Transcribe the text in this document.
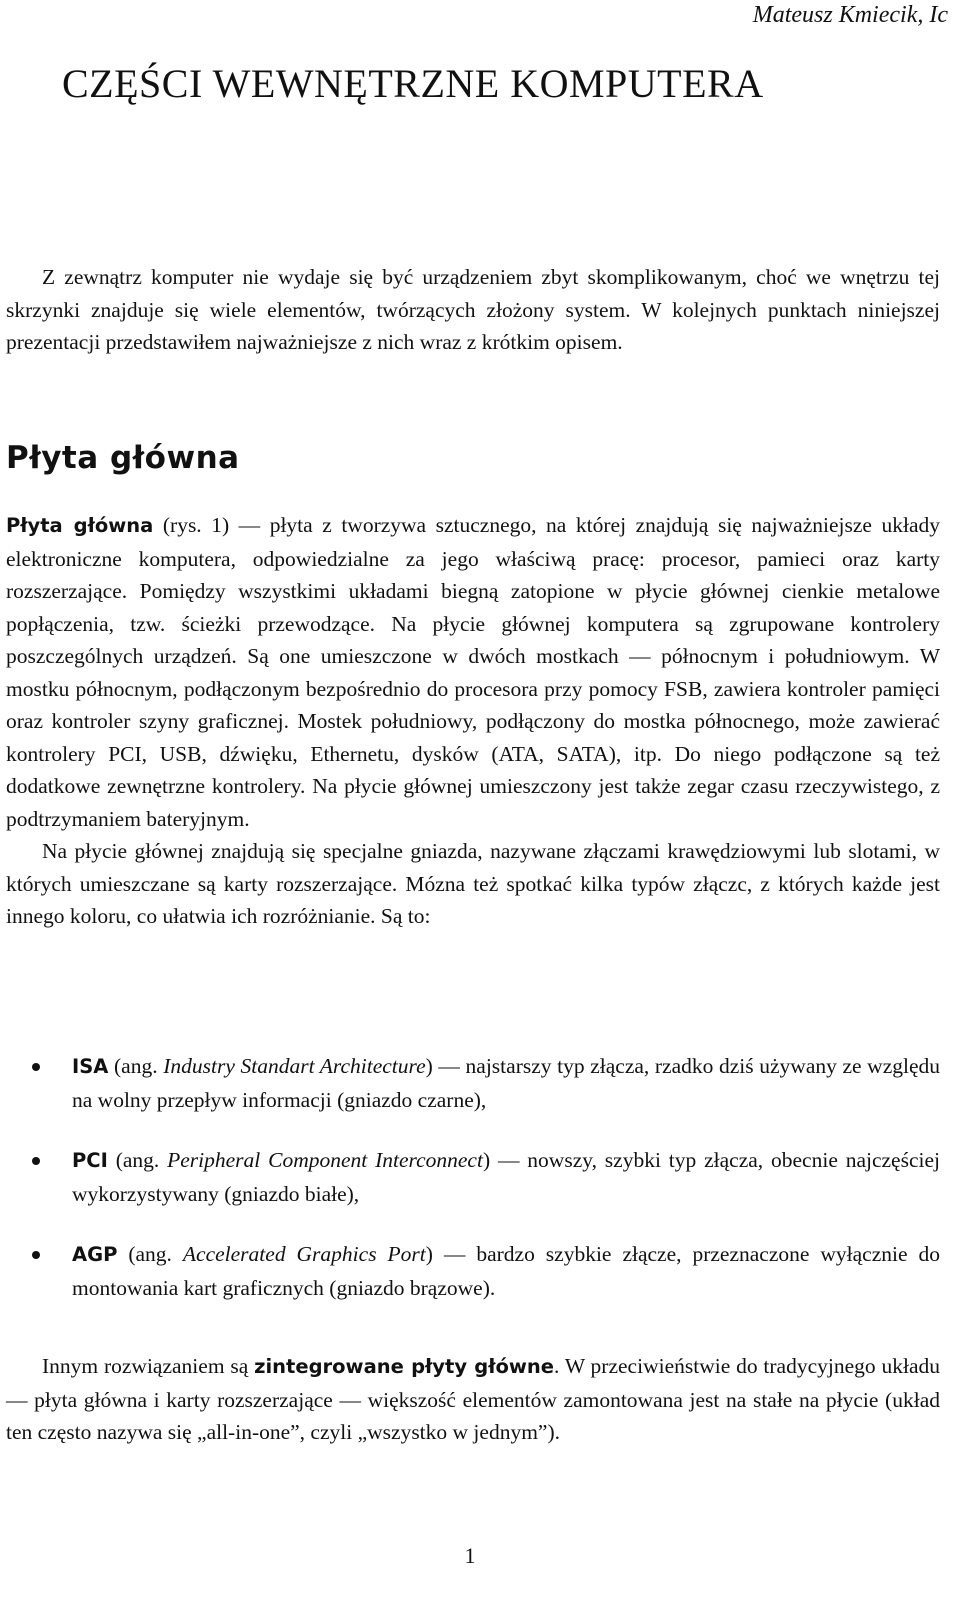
Mateusz Kmiecik, Ic
CZĘŚCI WEWNĘTRZNE KOMPUTERA

Z zewnątrz komputer nie wydaje się być urządzeniem zbyt skomplikowanym, choć we wnętrzu tej skrzynki znajduje się wiele elementów, twórzących złożony system. W kolejnych punktach niniejszej prezentacji przedstawiłem najważniejsze z nich wraz z krótkim opisem.

Płyta główna

Płyta główna (rys. 1) — płyta z tworzywa sztucznego, na której znajdują się najważniejsze układy elektroniczne komputera, odpowiedzialne za jego właściwą pracę: procesor, pamieci oraz karty rozszerzające. Pomiędzy wszystkimi układami biegną zatopione w płycie głównej cienkie metalowe popłączenia, tzw. ścieżki przewodzące. Na płycie głównej komputera są zgrupowane kontrolery poszczególnych urządzeń. Są one umieszczone w dwóch mostkach — północnym i południowym. W mostku północnym, podłączonym bezpośrednio do procesora przy pomocy FSB, zawiera kontroler pamięci oraz kontroler szyny graficznej. Mostek południowy, podłączony do mostka północnego, może zawierać kontrolery PCI, USB, dźwięku, Ethernetu, dysków (ATA, SATA), itp. Do niego podłączone są też dodatkowe zewnętrzne kontrolery. Na płycie głównej umieszczony jest także zegar czasu rzeczywistego, z podtrzymaniem bateryjnym.

Na płycie głównej znajdują się specjalne gniazda, nazywane złączami krawędziowymi lub slotami, w których umieszczane są karty rozszerzające. Mózna też spotkać kilka typów złączc, z których każde jest innego koloru, co ułatwia ich rozróżnianie. Są to:

ISA (ang. Industry Standart Architecture) — najstarszy typ złącza, rzadko dziś używany ze względu na wolny przepływ informacji (gniazdo czarne),
PCI (ang. Peripheral Component Interconnect) — nowszy, szybki typ złącza, obecnie najczęściej wykorzystywany (gniazdo białe),
AGP (ang. Accelerated Graphics Port) — bardzo szybkie złącze, przeznaczone wyłącznie do montowania kart graficznych (gniazdo brązowe).

Innym rozwiązaniem są zintegrowane płyty główne. W przeciwieństwie do tradycyjnego układu — płyta główna i karty rozszerzające — większość elementów zamontowana jest na stałe na płycie (układ ten często nazywa się „all-in-one”, czyli „wszystko w jednym”).

1
